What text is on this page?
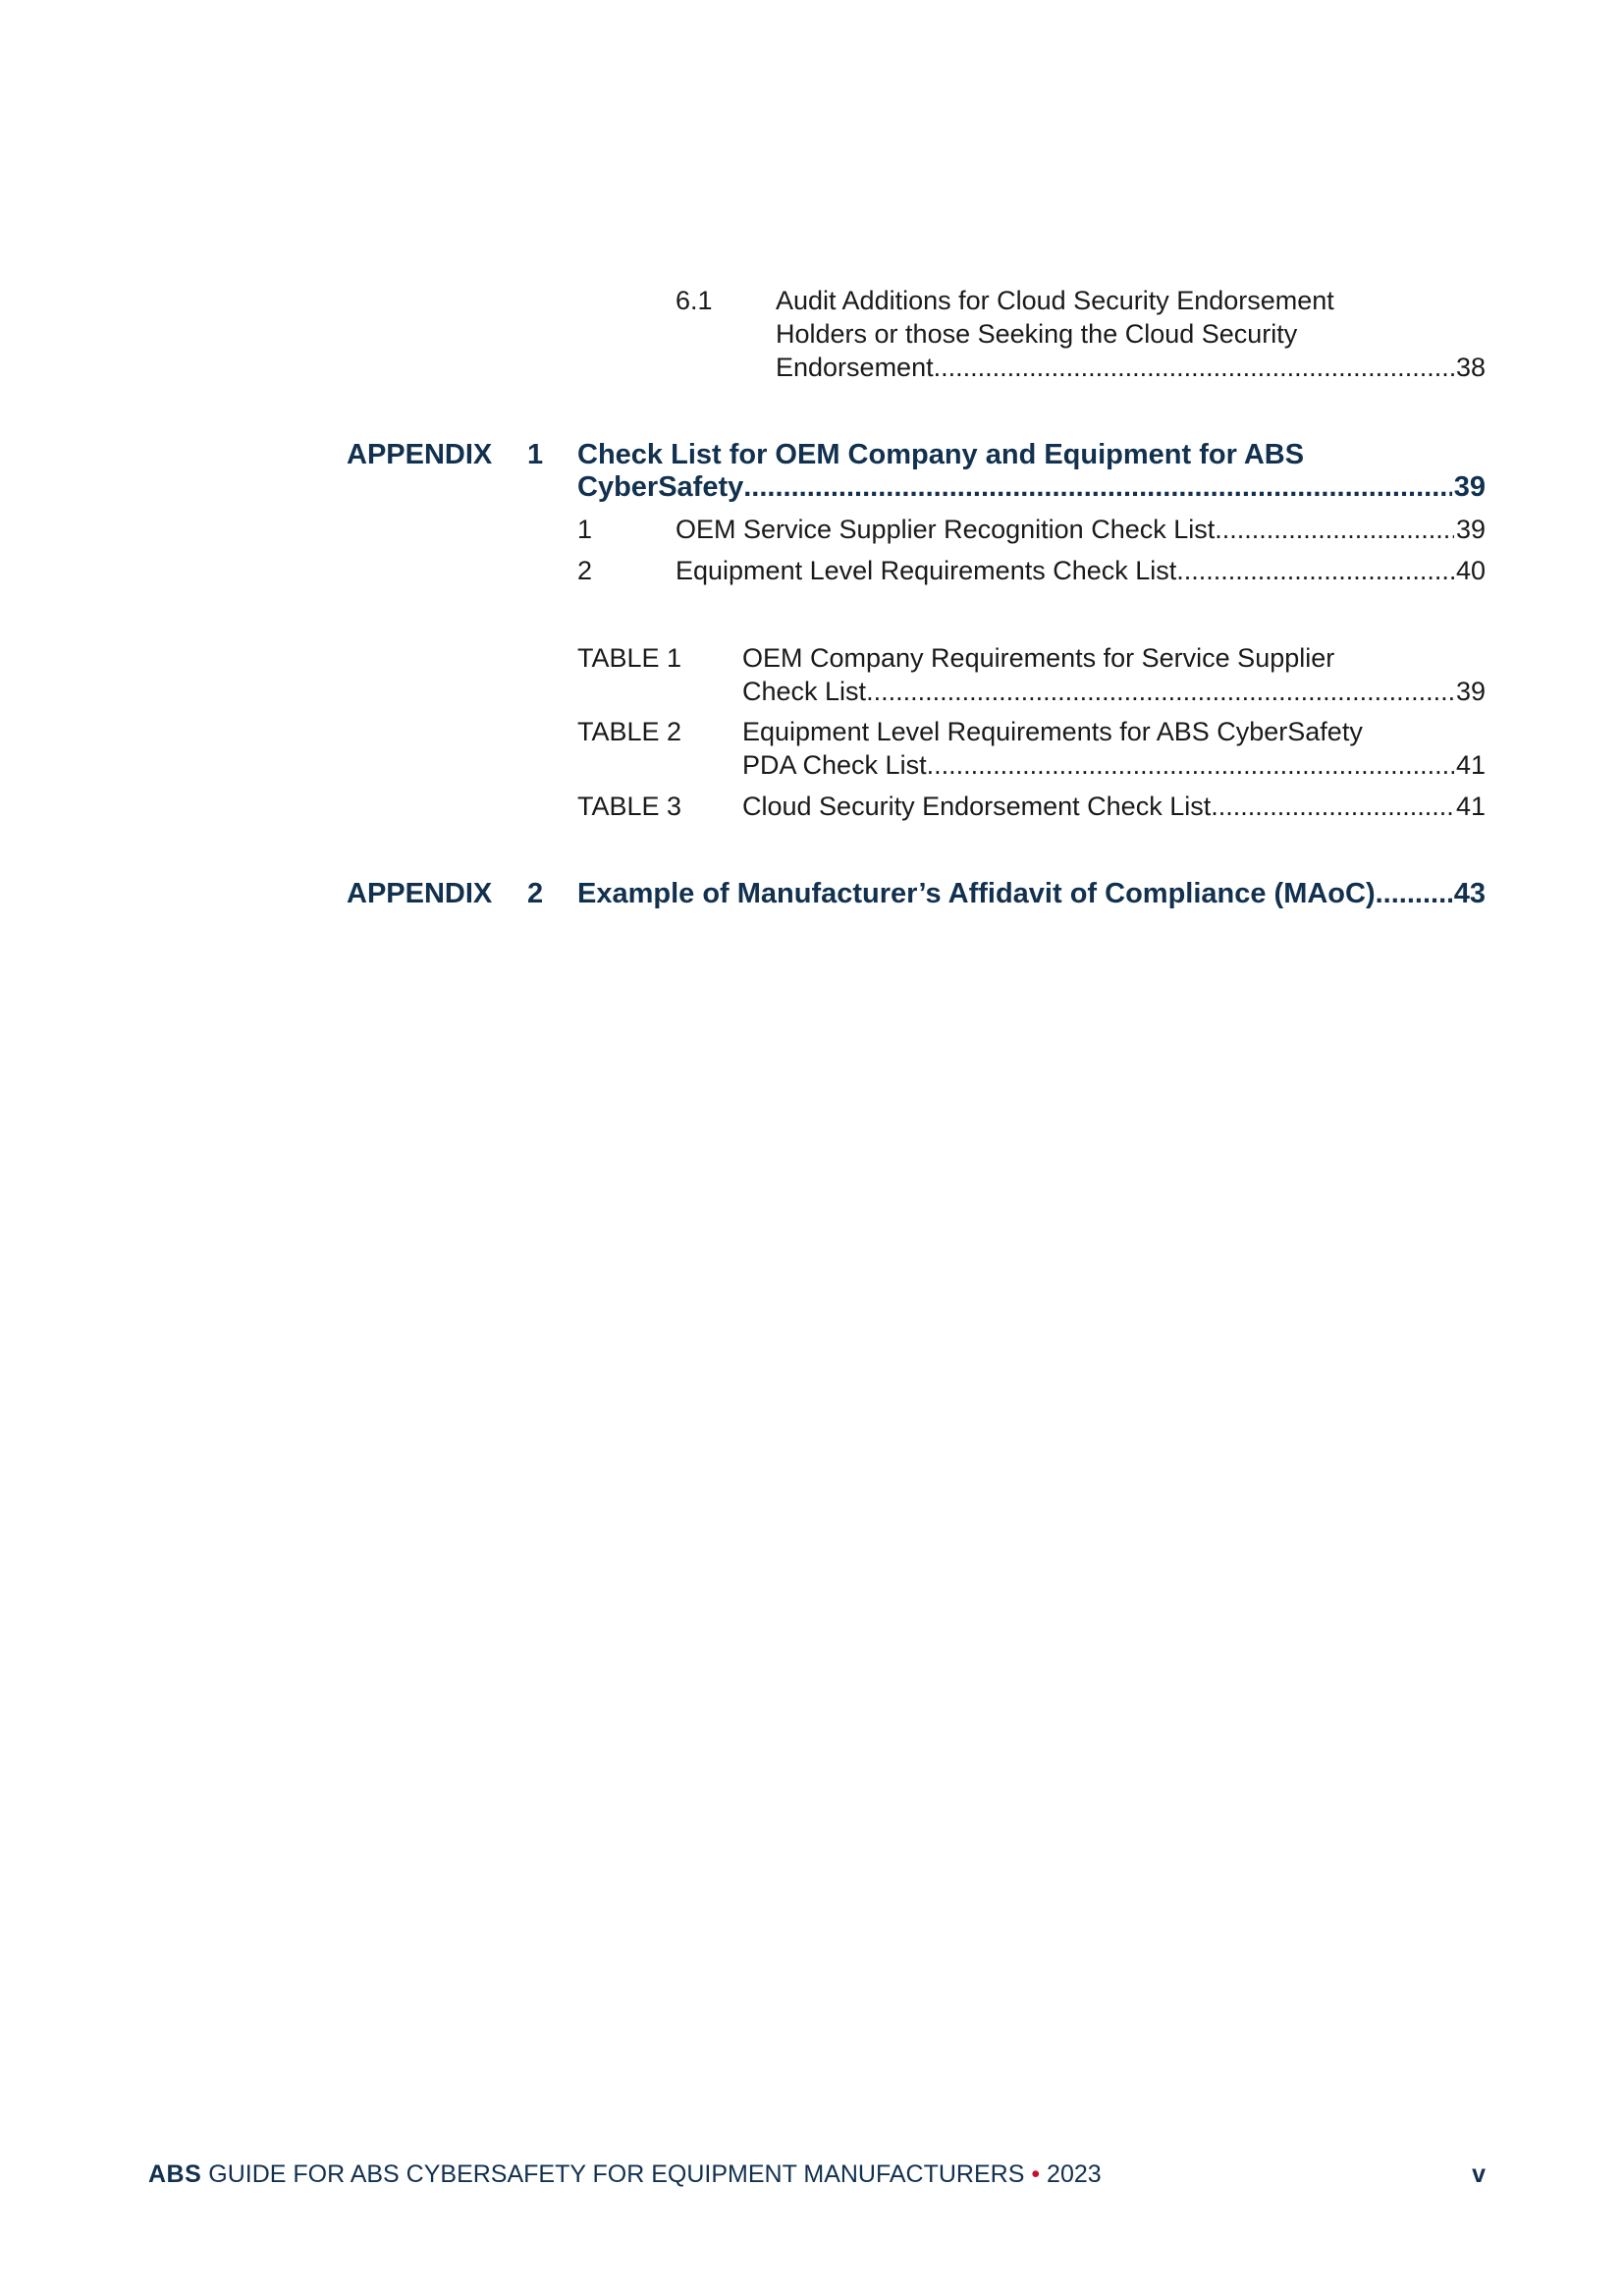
6.1 Audit Additions for Cloud Security Endorsement
Holders or those Seeking the Cloud Security
Endorsement .....	38
APPENDIX 1 Check List for OEM Company and Equipment for ABS
CyberSafety .....	39
1	OEM Service Supplier Recognition Check List .....	39
2	Equipment Level Requirements Check List .....	40
TABLE 1 OEM Company Requirements for Service Supplier
Check List .....	39
TABLE 2 Equipment Level Requirements for ABS CyberSafety
PDA Check List .....	41
TABLE 3 Cloud Security Endorsement Check List .....	41
APPENDIX 2 Example of Manufacturer’s Affidavit of Compliance (MAoC) .....	43
ABS GUIDE FOR ABS CYBERSAFETY FOR EQUIPMENT MANUFACTURERS • 2023	v
